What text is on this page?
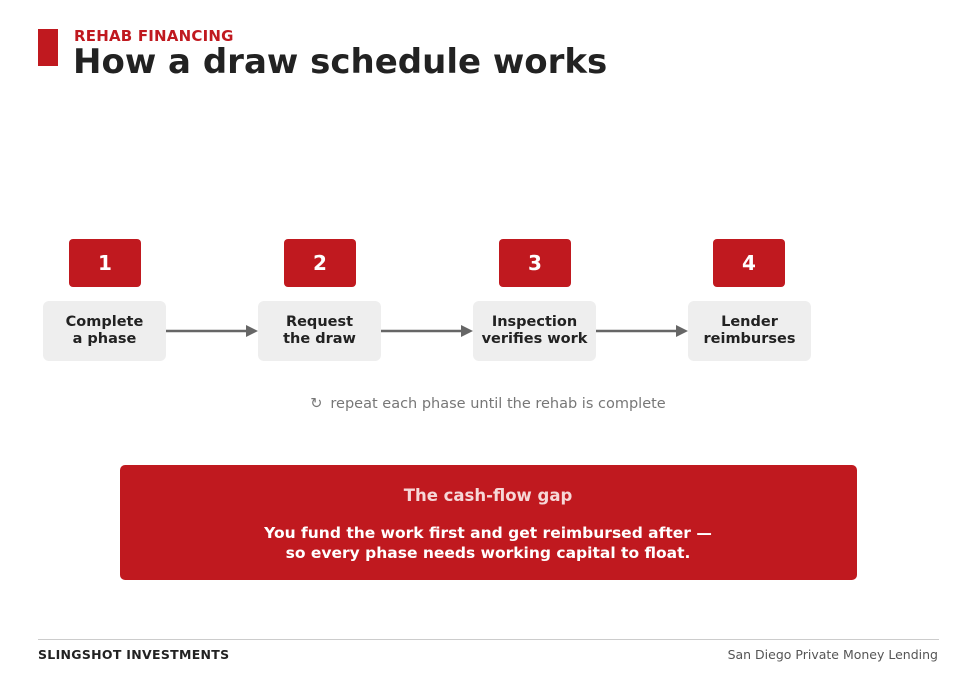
REHAB FINANCING
How a draw schedule works
1	2	3	4
Complete
a phase
Request
the draw
Inspection
verifies work
Lender
reimburses
↻ repeat each phase until the rehab is complete
The cash-flow gap
You fund the work first and get reimbursed after —
so every phase needs working capital to float.
SLINGSHOT INVESTMENTS	San Diego Private Money Lending
